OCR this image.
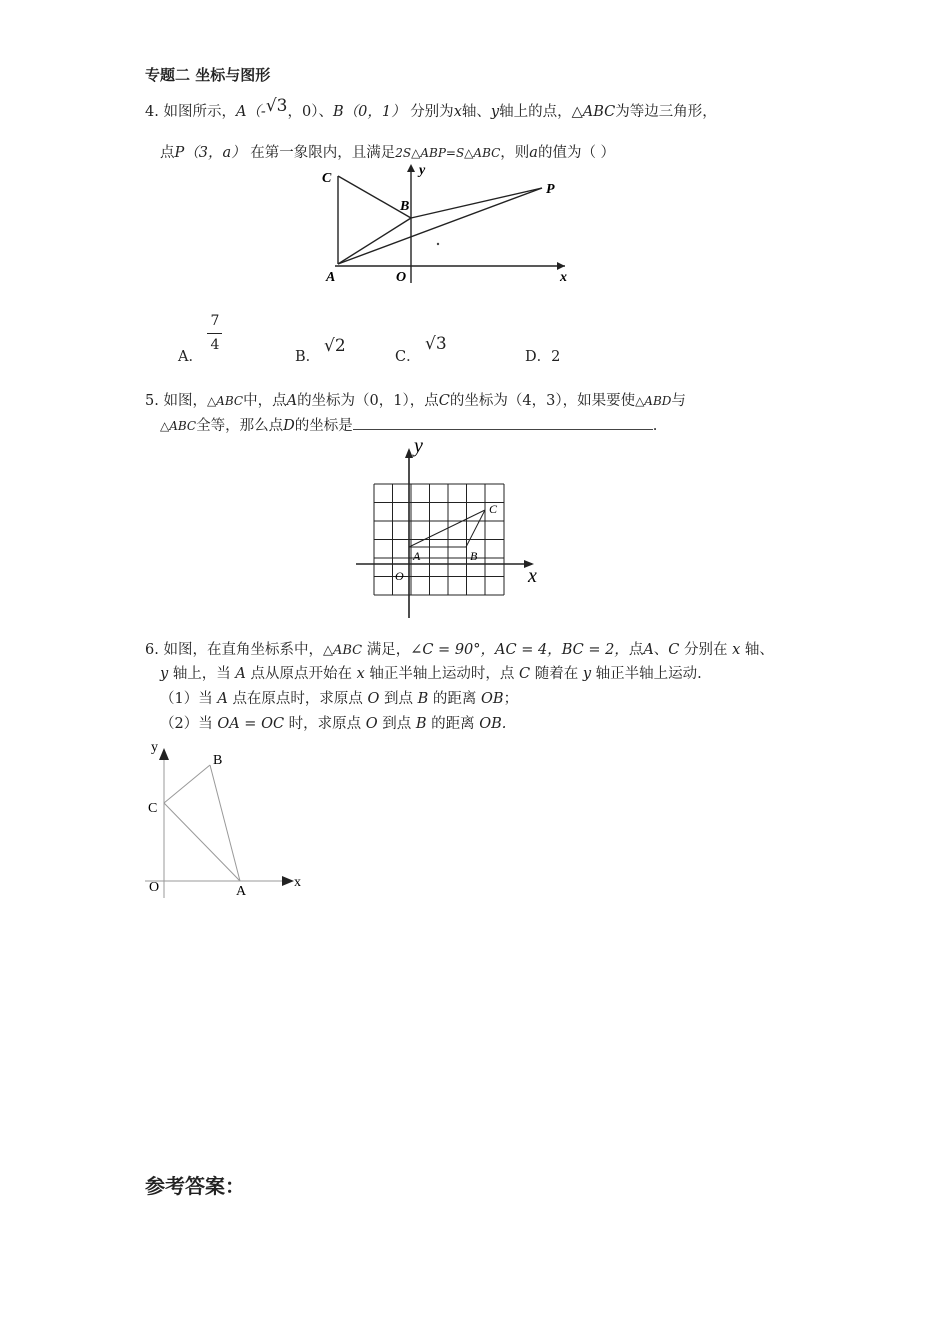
专题二 坐标与图形
4. 如图所示，A（-√3，0）、B（0，1） 分别为x轴、y轴上的点，△ABC为等边三角形，
点P（3，a） 在第一象限内，且满足2S△ABP=S△ABC，则a的值为（ ）
C
B
P
A	O	x
y
A．
7
4
B．
√2
C．
√3
D．2
5. 如图，△ABC中，点A的坐标为（0，1），点C的坐标为（4，3），如果要使△ABD与
△ABC全等，那么点D的坐标是	.
y
x
O
A	B
C
6. 如图，在直角坐标系中，△ABC 满足，∠C = 90°，AC = 4，BC = 2，点A、C 分别在 x 轴、
y 轴上，当 A 点从原点开始在 x 轴正半轴上运动时，点 C 随着在 y 轴正半轴上运动.
（1）当 A 点在原点时，求原点 O 到点 B 的距离 OB；
（2）当 OA = OC 时，求原点 O 到点 B 的距离 OB.
y
B
C
O	A
x
参考答案：
